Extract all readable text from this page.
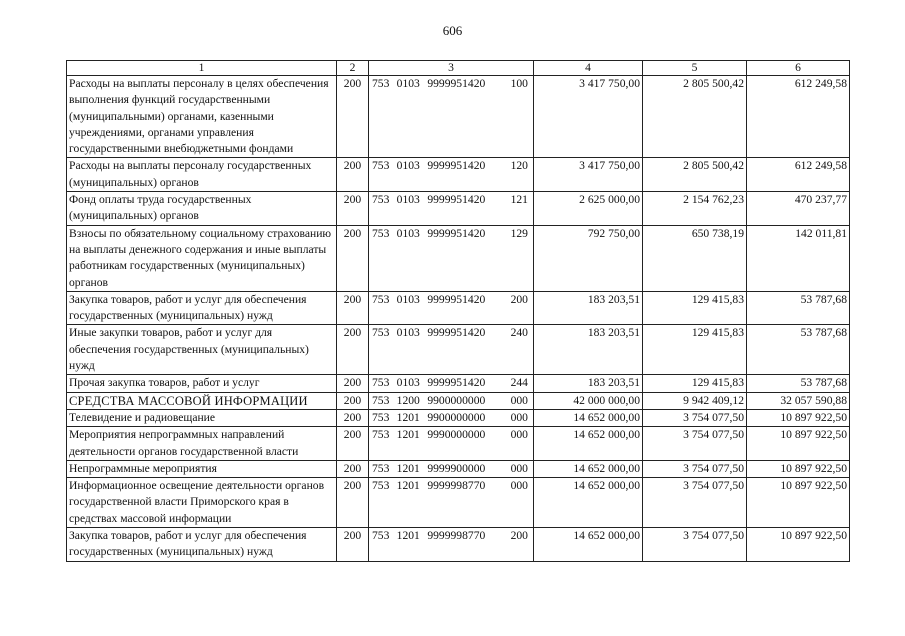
606
1	2	3	4	5	6
Расходы на выплаты персоналу в целях обеспечения выполнения функций государственными (муниципальными) органами, казенными учреждениями, органами управления государственными внебюджетными фондами	200	753 0103 9999951420 100	3 417 750,00	2 805 500,42	612 249,58
Расходы на выплаты персоналу государственных (муниципальных) органов	200	753 0103 9999951420 120	3 417 750,00	2 805 500,42	612 249,58
Фонд оплаты труда государственных (муниципальных) органов	200	753 0103 9999951420 121	2 625 000,00	2 154 762,23	470 237,77
Взносы по обязательному социальному страхованию на выплаты денежного содержания и иные выплаты работникам государственных (муниципальных) органов	200	753 0103 9999951420 129	792 750,00	650 738,19	142 011,81
Закупка товаров, работ и услуг для обеспечения государственных (муниципальных) нужд	200	753 0103 9999951420 200	183 203,51	129 415,83	53 787,68
Иные закупки товаров, работ и услуг для обеспечения государственных (муниципальных) нужд	200	753 0103 9999951420 240	183 203,51	129 415,83	53 787,68
Прочая закупка товаров, работ и услуг	200	753 0103 9999951420 244	183 203,51	129 415,83	53 787,68
СРЕДСТВА МАССОВОЙ ИНФОРМАЦИИ	200	753 1200 9900000000 000	42 000 000,00	9 942 409,12	32 057 590,88
Телевидение и радиовещание	200	753 1201 9900000000 000	14 652 000,00	3 754 077,50	10 897 922,50
Мероприятия непрограммных направлений деятельности органов государственной власти	200	753 1201 9990000000 000	14 652 000,00	3 754 077,50	10 897 922,50
Непрограммные мероприятия	200	753 1201 9999900000 000	14 652 000,00	3 754 077,50	10 897 922,50
Информационное освещение деятельности органов государственной власти Приморского края в средствах массовой информации	200	753 1201 9999998770 000	14 652 000,00	3 754 077,50	10 897 922,50
Закупка товаров, работ и услуг для обеспечения государственных (муниципальных) нужд	200	753 1201 9999998770 200	14 652 000,00	3 754 077,50	10 897 922,50
